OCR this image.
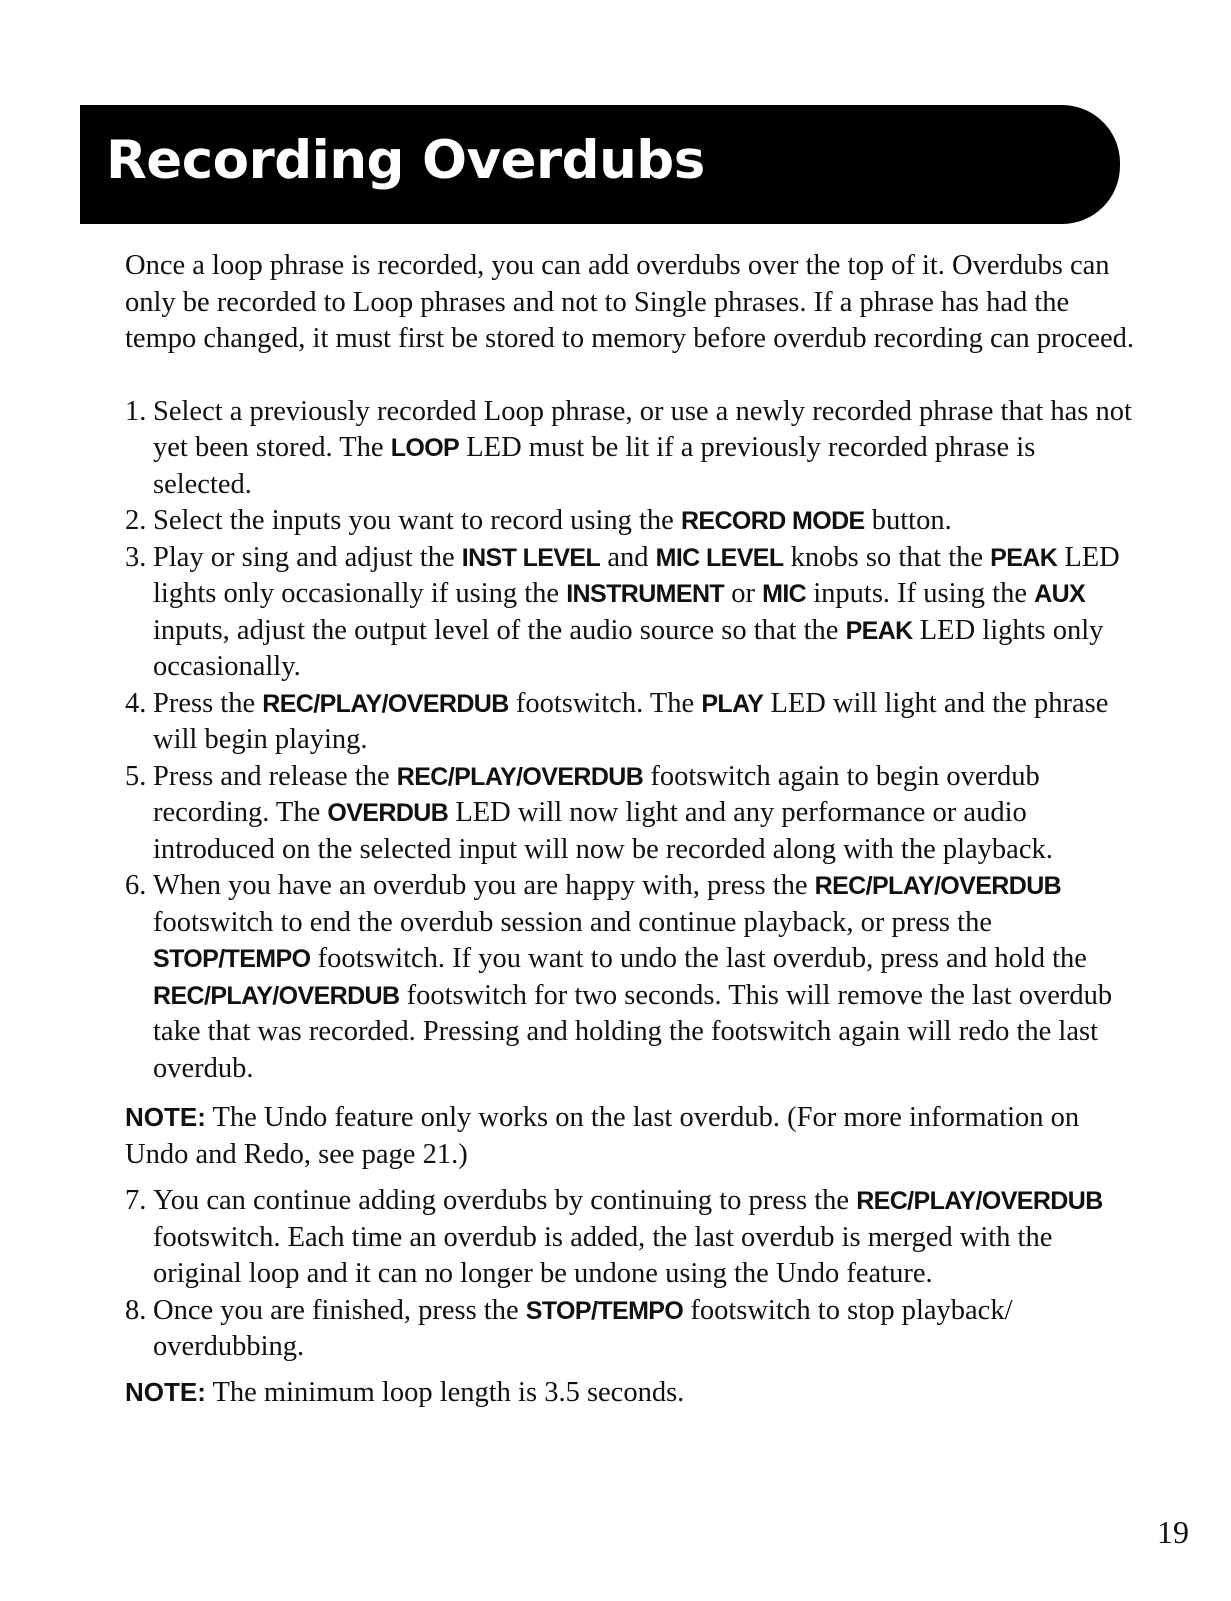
Recording Overdubs

Once a loop phrase is recorded, you can add overdubs over the top of it. Overdubs can only be recorded to Loop phrases and not to Single phrases. If a phrase has had the tempo changed, it must first be stored to memory before overdub recording can proceed.

1. Select a previously recorded Loop phrase, or use a newly recorded phrase that has not yet been stored. The LOOP LED must be lit if a previously recorded phrase is selected.
2. Select the inputs you want to record using the RECORD MODE button.
3. Play or sing and adjust the INST LEVEL and MIC LEVEL knobs so that the PEAK LED lights only occasionally if using the INSTRUMENT or MIC inputs. If using the AUX inputs, adjust the output level of the audio source so that the PEAK LED lights only occasionally.
4. Press the REC/PLAY/OVERDUB footswitch. The PLAY LED will light and the phrase will begin playing.
5. Press and release the REC/PLAY/OVERDUB footswitch again to begin overdub recording. The OVERDUB LED will now light and any performance or audio introduced on the selected input will now be recorded along with the playback.
6. When you have an overdub you are happy with, press the REC/PLAY/OVERDUB footswitch to end the overdub session and continue playback, or press the STOP/TEMPO footswitch. If you want to undo the last overdub, press and hold the REC/PLAY/OVERDUB footswitch for two seconds. This will remove the last overdub take that was recorded. Pressing and holding the footswitch again will redo the last overdub.

NOTE: The Undo feature only works on the last overdub. (For more information on Undo and Redo, see page 21.)

7. You can continue adding overdubs by continuing to press the REC/PLAY/OVERDUB footswitch. Each time an overdub is added, the last overdub is merged with the original loop and it can no longer be undone using the Undo feature.
8. Once you are finished, press the STOP/TEMPO footswitch to stop playback/ overdubbing.

NOTE: The minimum loop length is 3.5 seconds.

19
